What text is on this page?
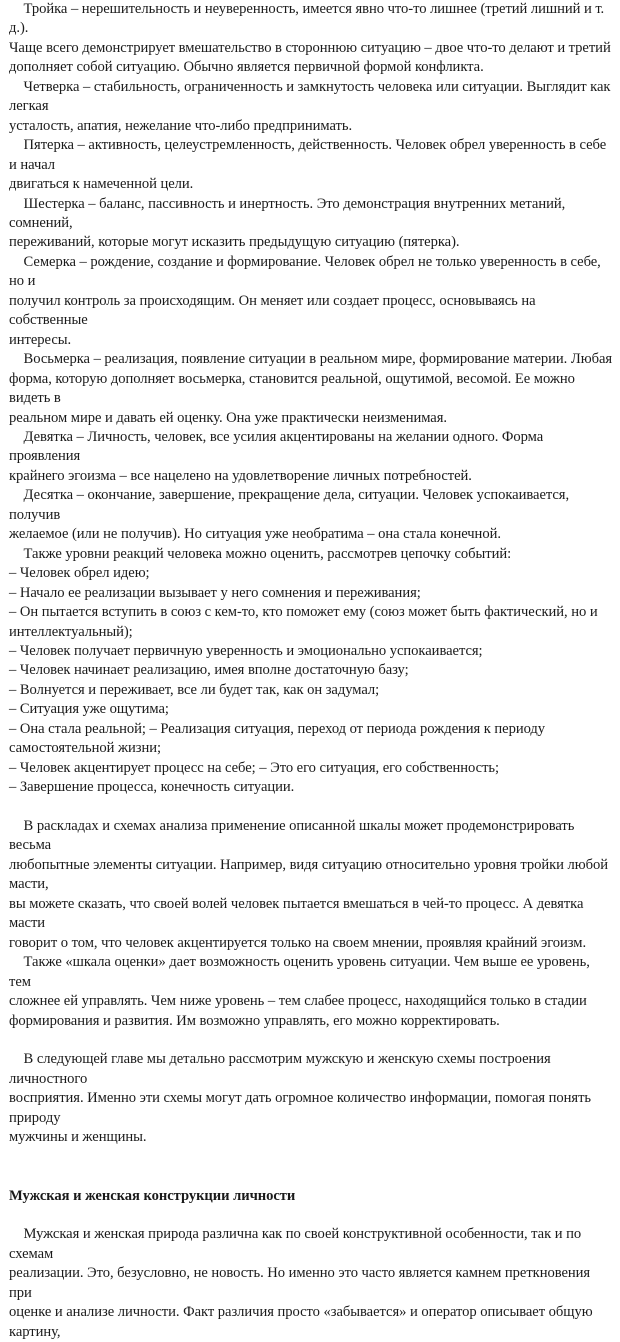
 Тройка – нерешительность и неуверенность, имеется явно что-то лишнее (третий лишний и т. д.).

Чаще всего демонстрирует вмешательство в стороннюю ситуацию – двое что-то делают и третий

дополняет собой ситуацию. Обычно является первичной формой конфликта.

 Четверка – стабильность, ограниченность и замкнутость человека или ситуации. Выглядит как легкая

усталость, апатия, нежелание что-либо предпринимать.

 Пятерка – активность, целеустремленность, действенность. Человек обрел уверенность в себе и начал

двигаться к намеченной цели.

 Шестерка – баланс, пассивность и инертность. Это демонстрация внутренних метаний, сомнений,

переживаний, которые могут исказить предыдущую ситуацию (пятерка).

 Семерка – рождение, создание и формирование. Человек обрел не только уверенность в себе, но и

получил контроль за происходящим. Он меняет или создает процесс, основываясь на собственные

интересы.

 Восьмерка – реализация, появление ситуации в реальном мире, формирование материи. Любая

форма, которую дополняет восьмерка, становится реальной, ощутимой, весомой. Ее можно видеть в

реальном мире и давать ей оценку. Она уже практически неизменимая.

 Девятка – Личность, человек, все усилия акцентированы на желании одного. Форма проявления

крайнего эгоизма – все нацелено на удовлетворение личных потребностей.

 Десятка – окончание, завершение, прекращение дела, ситуации. Человек успокаивается, получив

желаемое (или не получив). Но ситуация уже необратима – она стала конечной.

 Также уровни реакций человека можно оценить, рассмотрев цепочку событий:

– Человек обрел идею;

– Начало ее реализации вызывает у него сомнения и переживания;

– Он пытается вступить в союз с кем-то, кто поможет ему (союз может быть фактический, но и

интеллектуальный);

– Человек получает первичную уверенность и эмоционально успокаивается;

– Человек начинает реализацию, имея вполне достаточную базу;

– Волнуется и переживает, все ли будет так, как он задумал;

– Ситуация уже ощутима;

– Она стала реальной; – Реализация ситуация, переход от периода рождения к периоду

самостоятельной жизни;

– Человек акцентирует процесс на себе; – Это его ситуация, его собственность;

– Завершение процесса, конечность ситуации.

 В раскладах и схемах анализа применение описанной шкалы может продемонстрировать весьма

любопытные элементы ситуации. Например, видя ситуацию относительно уровня тройки любой масти,

вы можете сказать, что своей волей человек пытается вмешаться в чей-то процесс. А девятка масти

говорит о том, что человек акцентируется только на своем мнении, проявляя крайний эгоизм.

 Также «шкала оценки» дает возможность оценить уровень ситуации. Чем выше ее уровень, тем

сложнее ей управлять. Чем ниже уровень – тем слабее процесс, находящийся только в стадии

формирования и развития. Им возможно управлять, его можно корректировать.

 В следующей главе мы детально рассмотрим мужскую и женскую схемы построения личностного

восприятия. Именно эти схемы могут дать огромное количество информации, помогая понять природу

мужчины и женщины.

Мужская и женская конструкции личности

 Мужская и женская природа различна как по своей конструктивной особенности, так и по схемам

реализации. Это, безусловно, не новость. Но именно это часто является камнем преткновения при

оценке и анализе личности. Факт различия просто «забывается» и оператор описывает общую картину,
